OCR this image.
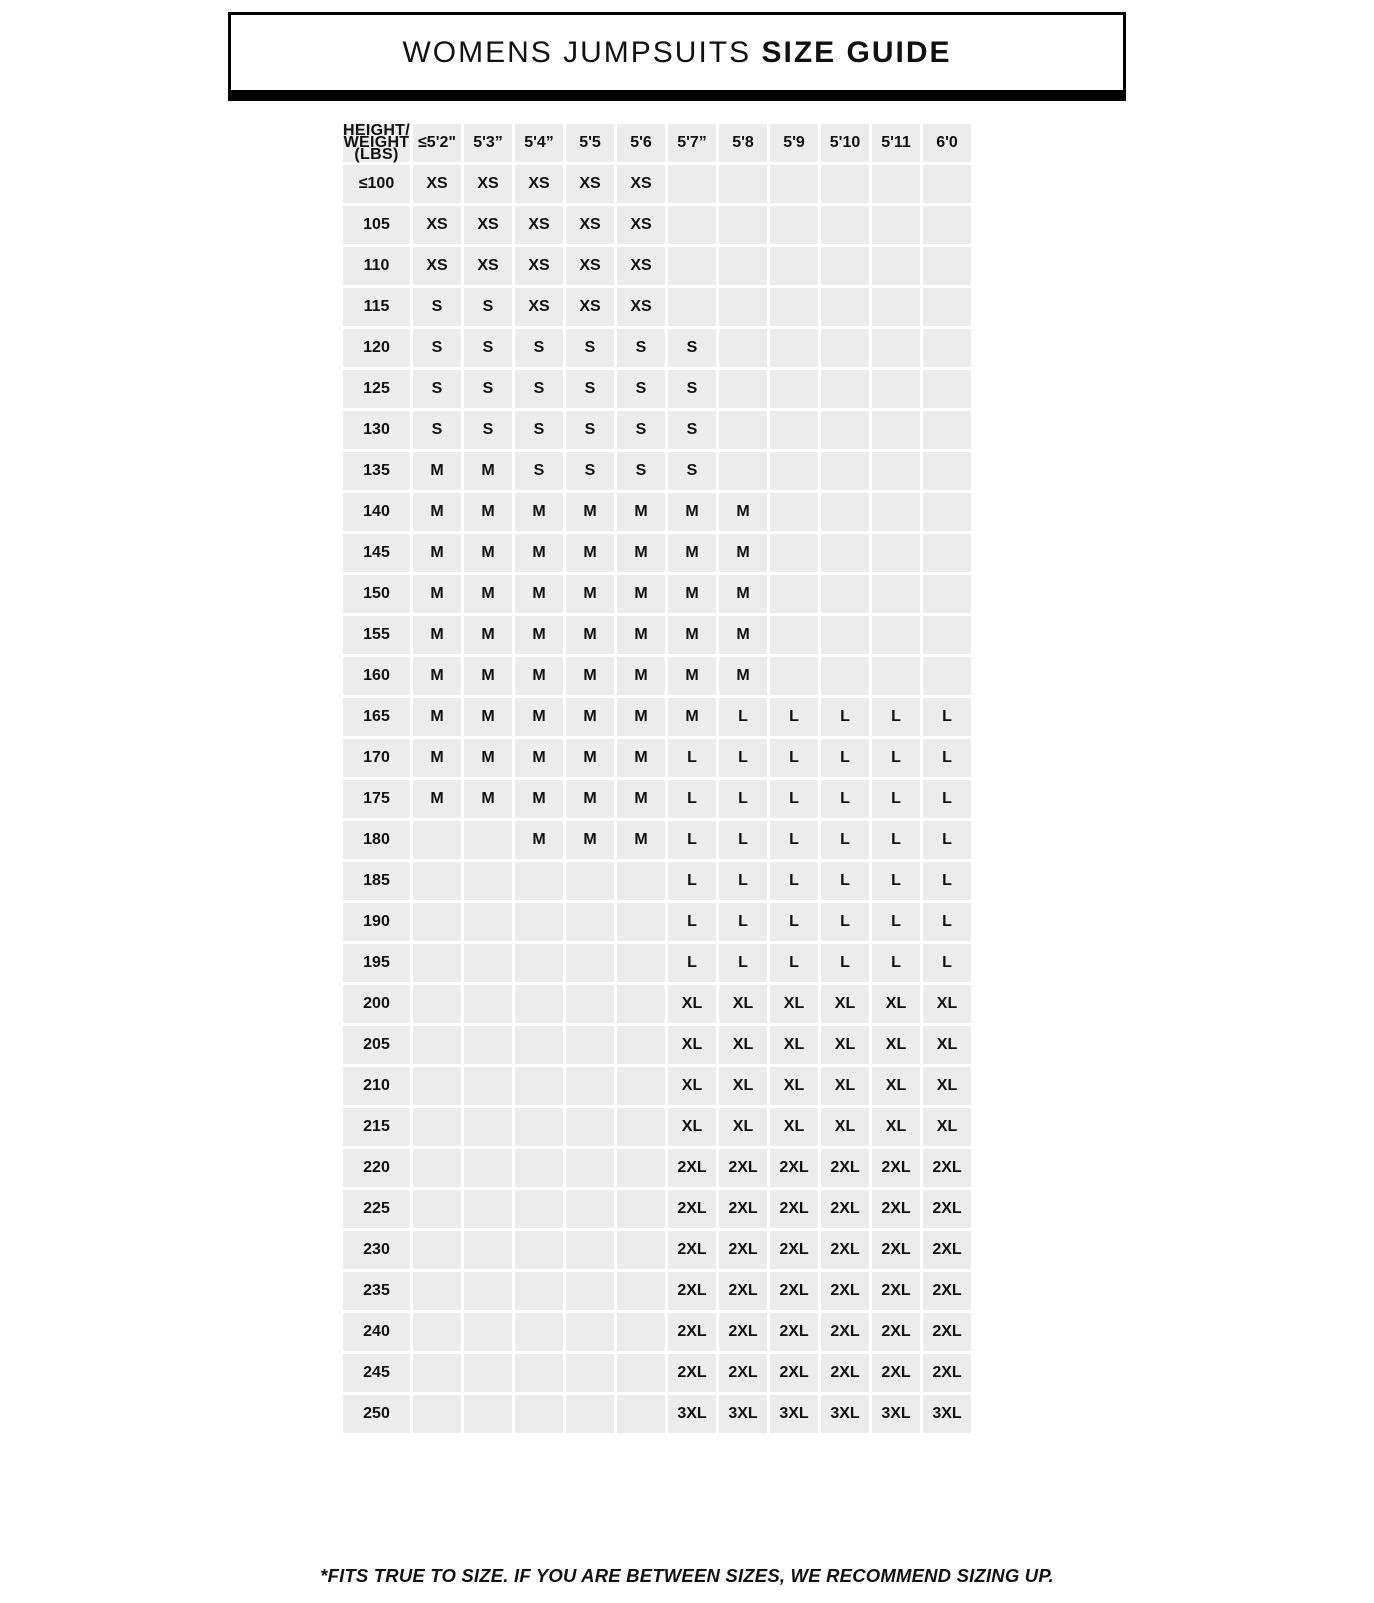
WOMENS JUMPSUITS SIZE GUIDE
HEIGHT/
WEIGHT
(LBS)	≤5'2"	5'3”	5'4”	5'5	5'6	5'7”	5'8	5'9	5'10	5'11	6'0
≤100	XS	XS	XS	XS	XS						
105	XS	XS	XS	XS	XS						
110	XS	XS	XS	XS	XS						
115	S	S	XS	XS	XS						
120	S	S	S	S	S	S					
125	S	S	S	S	S	S					
130	S	S	S	S	S	S					
135	M	M	S	S	S	S					
140	M	M	M	M	M	M	M				
145	M	M	M	M	M	M	M				
150	M	M	M	M	M	M	M				
155	M	M	M	M	M	M	M				
160	M	M	M	M	M	M	M				
165	M	M	M	M	M	M	L	L	L	L	L
170	M	M	M	M	M	L	L	L	L	L	L
175	M	M	M	M	M	L	L	L	L	L	L
180			M	M	M	L	L	L	L	L	L
185						L	L	L	L	L	L
190						L	L	L	L	L	L
195						L	L	L	L	L	L
200						XL	XL	XL	XL	XL	XL
205						XL	XL	XL	XL	XL	XL
210						XL	XL	XL	XL	XL	XL
215						XL	XL	XL	XL	XL	XL
220						2XL	2XL	2XL	2XL	2XL	2XL
225						2XL	2XL	2XL	2XL	2XL	2XL
230						2XL	2XL	2XL	2XL	2XL	2XL
235						2XL	2XL	2XL	2XL	2XL	2XL
240						2XL	2XL	2XL	2XL	2XL	2XL
245						2XL	2XL	2XL	2XL	2XL	2XL
250						3XL	3XL	3XL	3XL	3XL	3XL
*FITS TRUE TO SIZE. IF YOU ARE BETWEEN SIZES, WE RECOMMEND SIZING UP.
